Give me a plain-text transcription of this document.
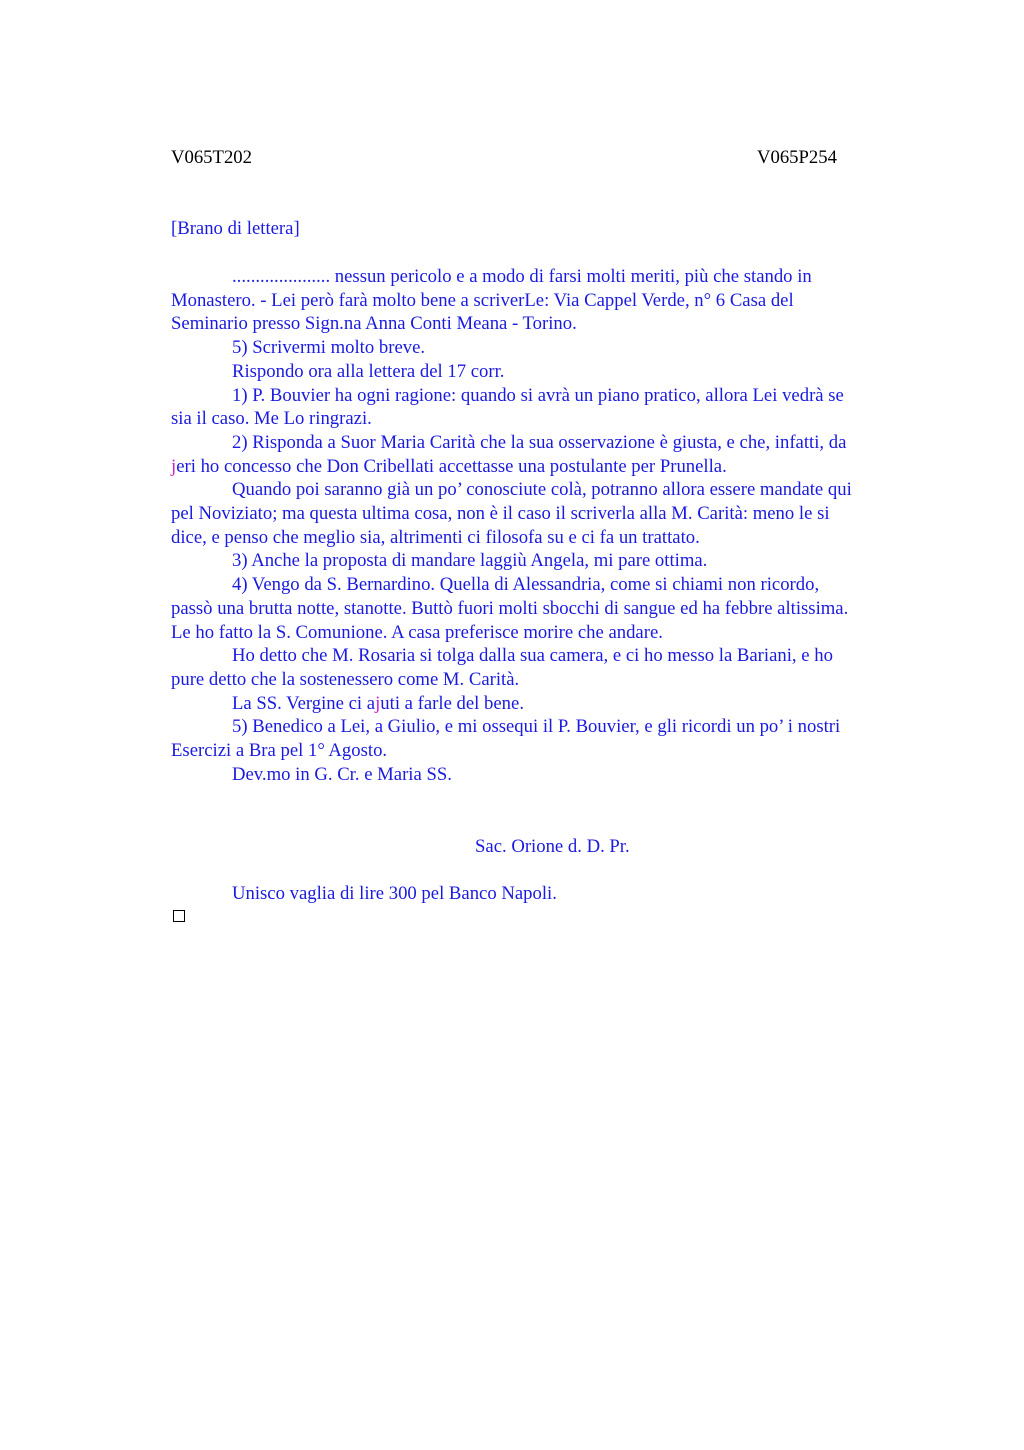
V065T202	V065P254
[Brano di lettera]

..................... nessun pericolo e a modo di farsi molti meriti, più che stando in
Monastero. - Lei però farà molto bene a scriverLe: Via Cappel Verde, n° 6 Casa del
Seminario presso Sign.na Anna Conti Meana - Torino.

5) Scrivermi molto breve.

Rispondo ora alla lettera del 17 corr.

1) P. Bouvier ha ogni ragione: quando si avrà un piano pratico, allora Lei vedrà se
sia il caso. Me Lo ringrazi.

2) Risponda a Suor Maria Carità che la sua osservazione è giusta, e che, infatti, da
jeri ho concesso che Don Cribellati accettasse una postulante per Prunella.

Quando poi saranno già un po’ conosciute colà, potranno allora essere mandate qui
pel Noviziato; ma questa ultima cosa, non è il caso il scriverla alla M. Carità: meno le si
dice, e penso che meglio sia, altrimenti ci filosofa su e ci fa un trattato.

3) Anche la proposta di mandare laggiù Angela, mi pare ottima.

4) Vengo da S. Bernardino. Quella di Alessandria, come si chiami non ricordo,
passò una brutta notte, stanotte. Buttò fuori molti sbocchi di sangue ed ha febbre altissima.
Le ho fatto la S. Comunione. A casa preferisce morire che andare.

Ho detto che M. Rosaria si tolga dalla sua camera, e ci ho messo la Bariani, e ho
pure detto che la sostenessero come M. Carità.

La SS. Vergine ci ajuti a farle del bene.

5) Benedico a Lei, a Giulio, e mi ossequi il P. Bouvier, e gli ricordi un po’ i nostri
Esercizi a Bra pel 1° Agosto.

Dev.mo in G. Cr. e Maria SS.

Sac. Orione d. D. Pr.
Unisco vaglia di lire 300 pel Banco Napoli.
